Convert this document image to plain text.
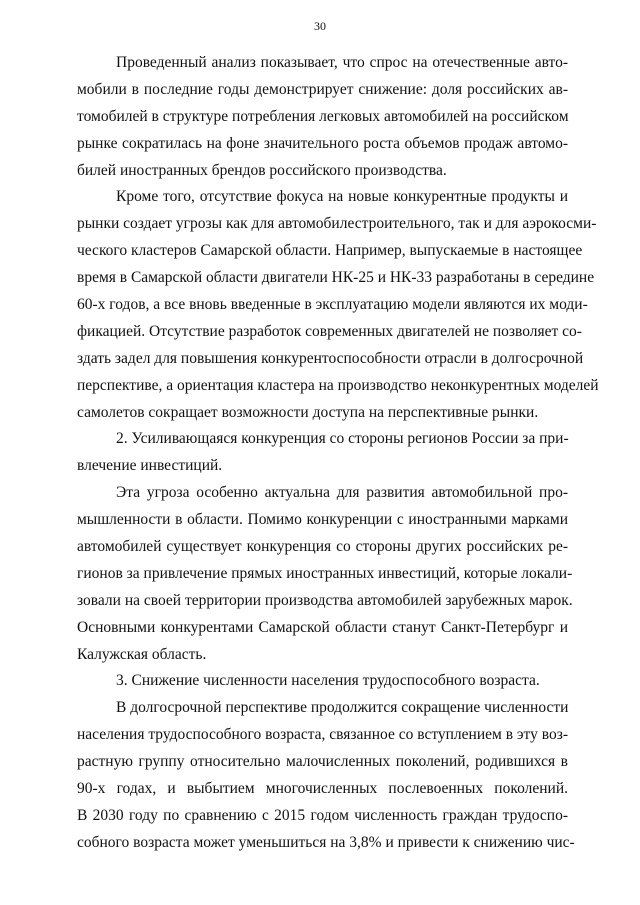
30
Проведенный анализ показывает, что спрос на отечественные авто-
мобили в последние годы демонстрирует снижение: доля российских ав-
томобилей в структуре потребления легковых автомобилей на российском
рынке сократилась на фоне значительного роста объемов продаж автомо-
билей иностранных брендов российского производства.
Кроме того, отсутствие фокуса на новые конкурентные продукты и
рынки создает угрозы как для автомобилестроительного, так и для аэрокосми-
ческого кластеров Самарской области. Например, выпускаемые в настоящее
время в Самарской области двигатели НК-25 и НК-33 разработаны в середине
60-х годов, а все вновь введенные в эксплуатацию модели являются их моди-
фикацией. Отсутствие разработок современных двигателей не позволяет со-
здать задел для повышения конкурентоспособности отрасли в долгосрочной
перспективе, а ориентация кластера на производство неконкурентных моделей
самолетов сокращает возможности доступа на перспективные рынки.
2. Усиливающаяся конкуренция со стороны регионов России за при-
влечение инвестиций.
Эта угроза особенно актуальна для развития автомобильной про-
мышленности в области. Помимо конкуренции с иностранными марками
автомобилей существует конкуренция со стороны других российских ре-
гионов за привлечение прямых иностранных инвестиций, которые локали-
зовали на своей территории производства автомобилей зарубежных марок.
Основными конкурентами Самарской области станут Санкт-Петербург и
Калужская область.
3. Снижение численности населения трудоспособного возраста.
В долгосрочной перспективе продолжится сокращение численности
населения трудоспособного возраста, связанное со вступлением в эту воз-
растную группу относительно малочисленных поколений, родившихся в
90-х годах, и выбытием многочисленных послевоенных поколений.
В 2030 году по сравнению с 2015 годом численность граждан трудоспо-
собного возраста может уменьшиться на 3,8% и привести к снижению чис-
